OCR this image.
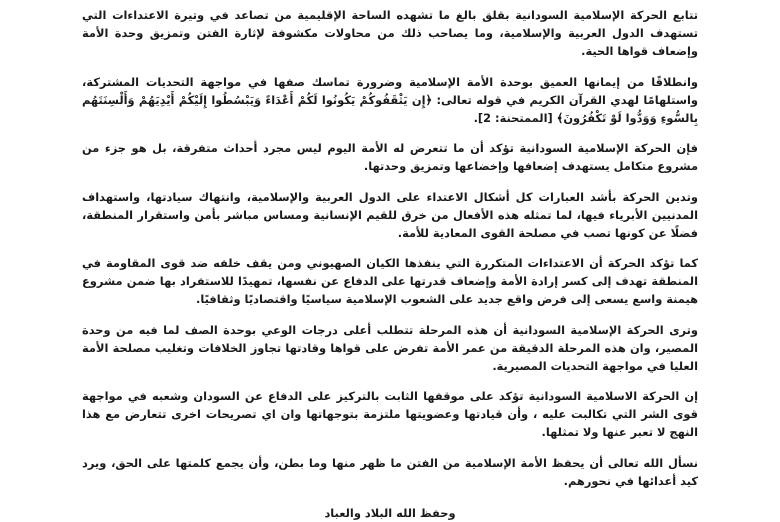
تتابع الحركة الإسلامية السودانية بقلق بالغ ما تشهده الساحة الإقليمية من تصاعد في وتيرة الاعتداءات التي تستهدف الدول العربية والإسلامية، وما يصاحب ذلك من محاولات مكشوفة لإثارة الفتن وتمزيق وحدة الأمة وإضعاف قواها الحية.

وانطلاقًا من إيمانها العميق بوحدة الأمة الإسلامية وضرورة تماسك صفها في مواجهة التحديات المشتركة، واستلهامًا لهدي القرآن الكريم في قوله تعالى: ﴿إِن يَثْقَفُوكُمْ يَكُونُوا لَكُمْ أَعْدَاءً وَيَبْسُطُوا إِلَيْكُمْ أَيْدِيَهُمْ وَأَلْسِنَتَهُم بِالسُّوءِ وَوَدُّوا لَوْ تَكْفُرُونَ﴾ [الممتحنة: 2].

فإن الحركة الإسلامية السودانية تؤكد أن ما تتعرض له الأمة اليوم ليس مجرد أحداث متفرقة، بل هو جزء من مشروع متكامل يستهدف إضعافها وإخضاعها وتمزيق وحدتها.

وتدين الحركة بأشد العبارات كل أشكال الاعتداء على الدول العربية والإسلامية، وانتهاك سيادتها، واستهداف المدنيين الأبرياء فيها، لما تمثله هذه الأفعال من خرق للقيم الإنسانية ومساس مباشر بأمن واستقرار المنطقة، فضلًا عن كونها تصب في مصلحة القوى المعادية للأمة.

كما تؤكد الحركة أن الاعتداءات المتكررة التي ينفذها الكيان الصهيوني ومن يقف خلفه ضد قوى المقاومة في المنطقة تهدف إلى كسر إرادة الأمة وإضعاف قدرتها على الدفاع عن نفسها، تمهيدًا للاستفراد بها ضمن مشروع هيمنة واسع يسعى إلى فرض واقع جديد على الشعوب الإسلامية سياسيًا واقتصاديًا وثقافيًا.

وترى الحركة الإسلامية السودانية أن هذه المرحلة تتطلب أعلى درجات الوعي بوحدة الصف لما فيه من وحدة المصير، وان هذه المرحلة الدقيقة من عمر الأمة تفرض على قواها وقادتها تجاوز الخلافات وتغليب مصلحة الأمة العليا في مواجهة التحديات المصيرية.

إن الحركة الاسلامية السودانية تؤكد على موقفها الثابت بالتركيز على الدفاع عن السودان وشعبه في مواجهة قوى الشر التي تكالبت عليه ، وأن قيادتها وعضويتها ملتزمة بتوجهاتها وان اي تصريحات اخرى تتعارض مع هذا النهج لا تعبر عنها ولا تمثلها.

نسأل الله تعالى أن يحفظ الأمة الإسلامية من الفتن ما ظهر منها وما بطن، وأن يجمع كلمتها على الحق، ويرد كيد أعدائها في نحورهم.

وحفظ الله البلاد والعباد
